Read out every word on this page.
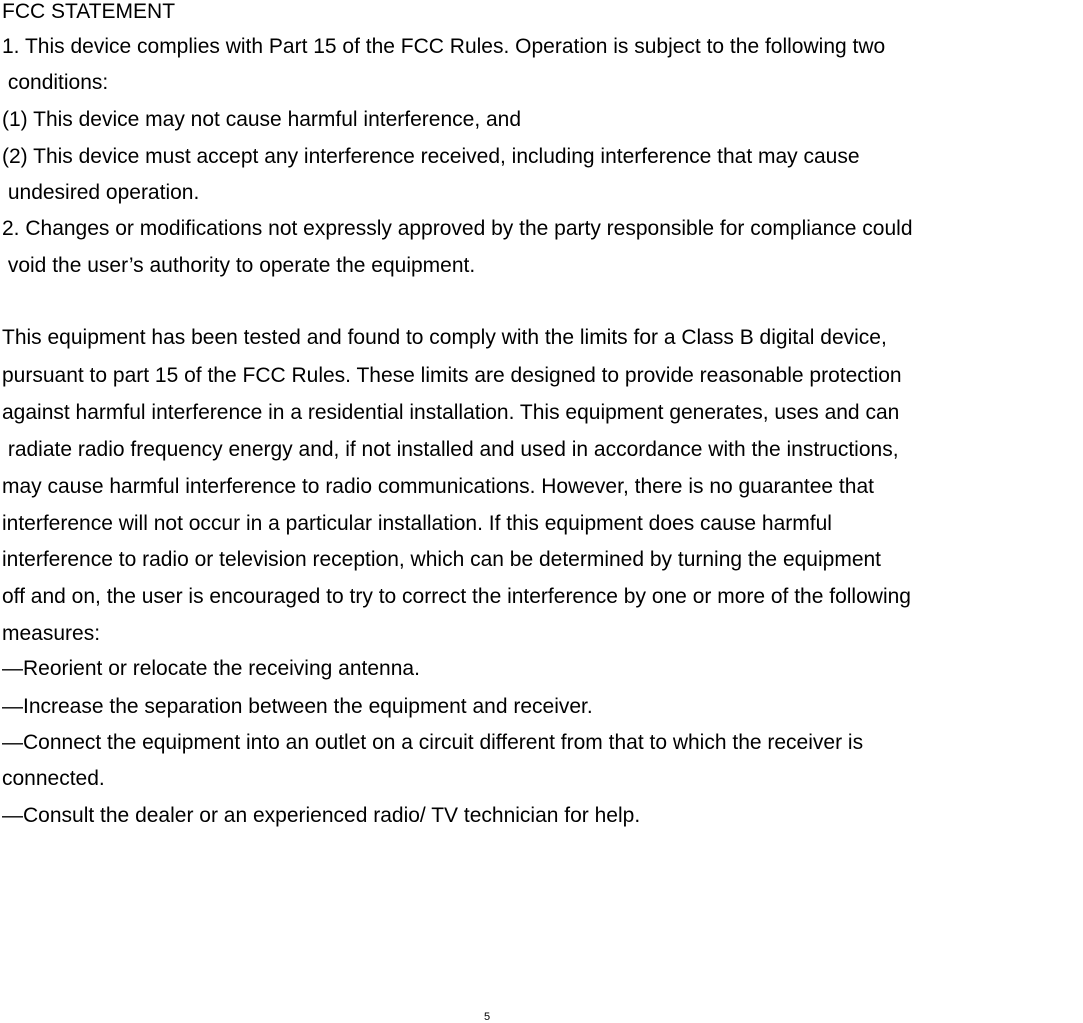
FCC STATEMENT
1. This device complies with Part 15 of the FCC Rules. Operation is subject to the following two
conditions:
(1) This device may not cause harmful interference, and
(2) This device must accept any interference received, including interference that may cause
undesired operation.
2. Changes or modifications not expressly approved by the party responsible for compliance could
void the user’s authority to operate the equipment.
This equipment has been tested and found to comply with the limits for a Class B digital device,
pursuant to part 15 of the FCC Rules. These limits are designed to provide reasonable protection
against harmful interference in a residential installation. This equipment generates, uses and can
radiate radio frequency energy and, if not installed and used in accordance with the instructions,
may cause harmful interference to radio communications. However, there is no guarantee that
interference will not occur in a particular installation. If this equipment does cause harmful
interference to radio or television reception, which can be determined by turning the equipment
off and on, the user is encouraged to try to correct the interference by one or more of the following
measures:
—Reorient or relocate the receiving antenna.
—Increase the separation between the equipment and receiver.
—Connect the equipment into an outlet on a circuit different from that to which the receiver is
connected.
—Consult the dealer or an experienced radio/ TV technician for help.
5
